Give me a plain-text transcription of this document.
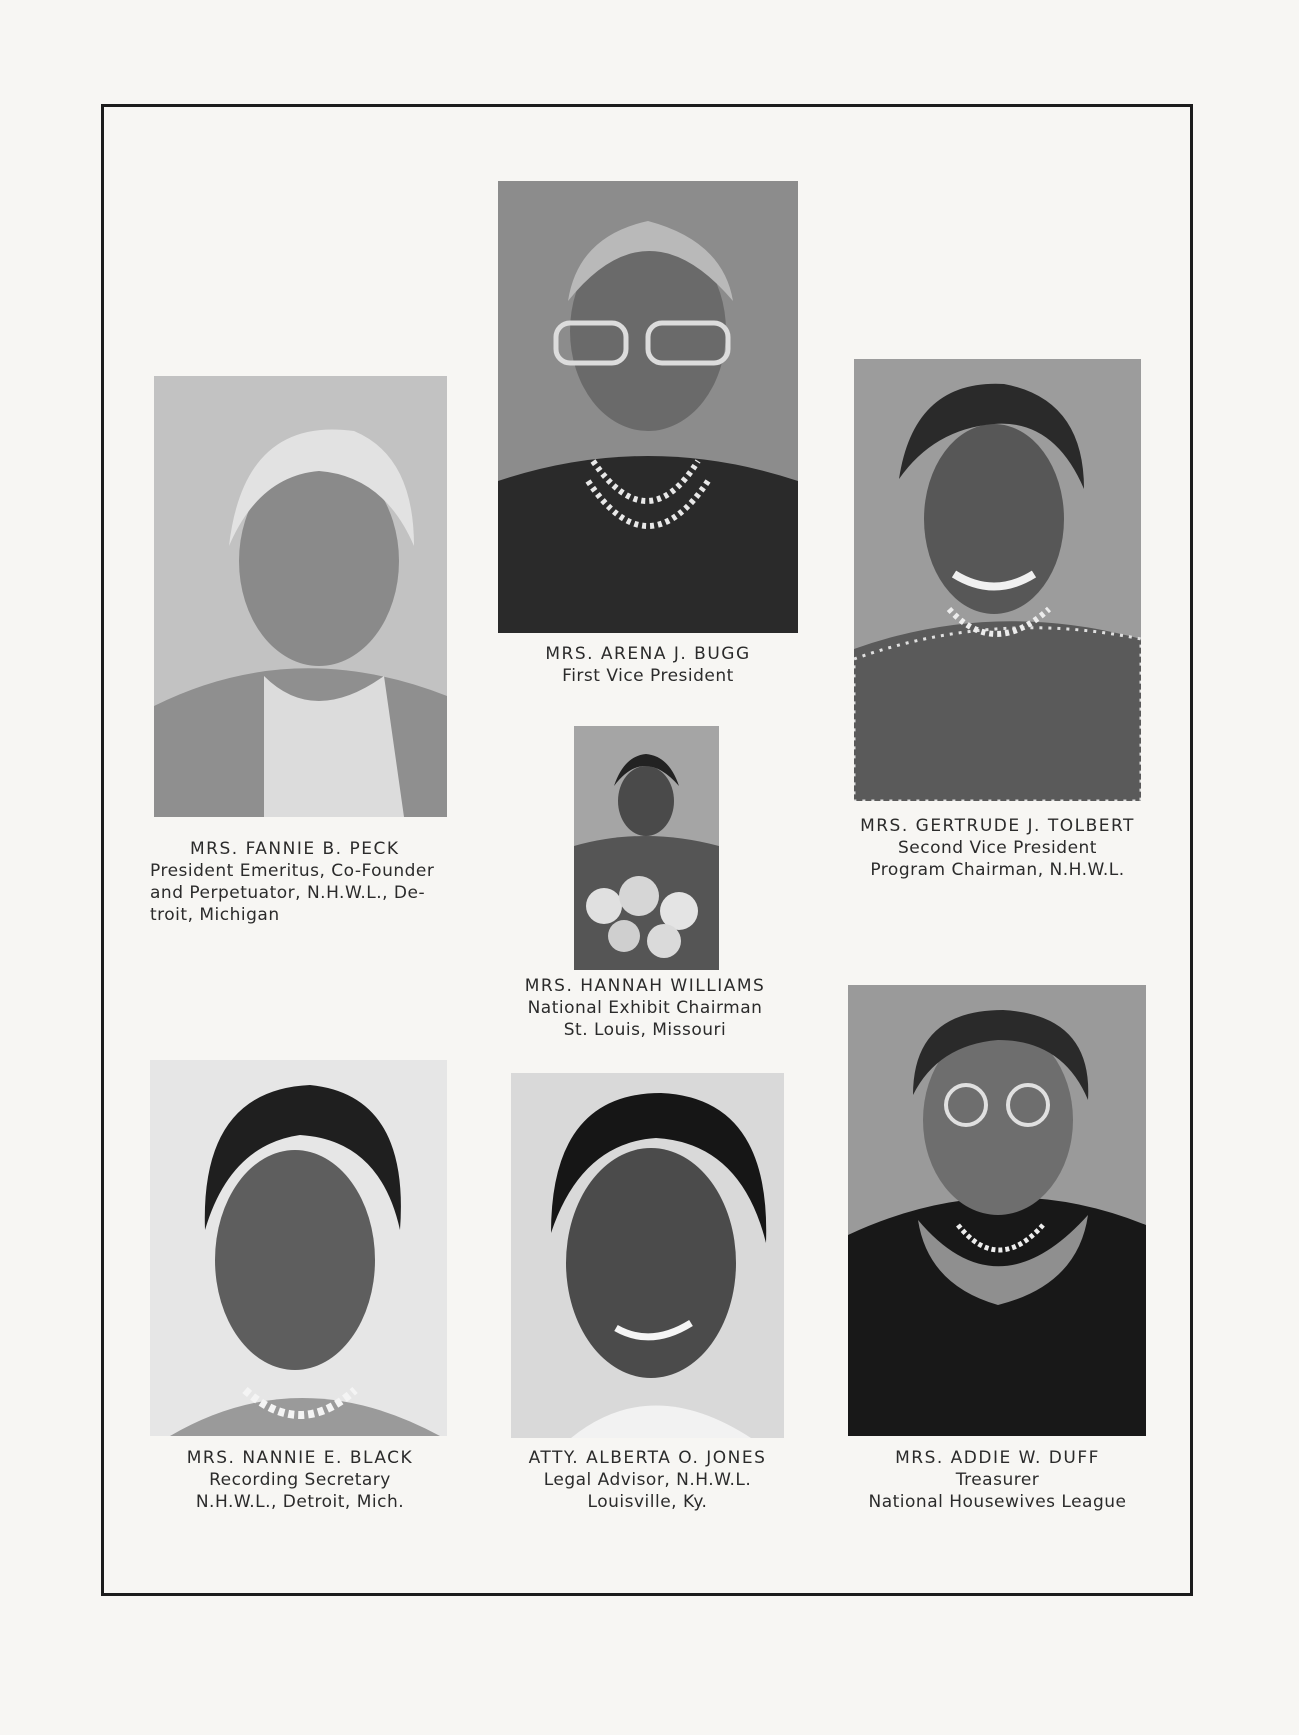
MRS. ARENA J. BUGG
First Vice President
MRS. FANNIE B. PECK
President Emeritus, Co-Founder
and Perpetuator, N.H.W.L., De-
troit, Michigan
MRS. GERTRUDE J. TOLBERT
Second Vice President
Program Chairman, N.H.W.L.
MRS. HANNAH WILLIAMS
National Exhibit Chairman
St. Louis, Missouri
MRS. NANNIE E. BLACK
Recording Secretary
N.H.W.L., Detroit, Mich.
ATTY. ALBERTA O. JONES
Legal Advisor, N.H.W.L.
Louisville, Ky.
MRS. ADDIE W. DUFF
Treasurer
National Housewives League
